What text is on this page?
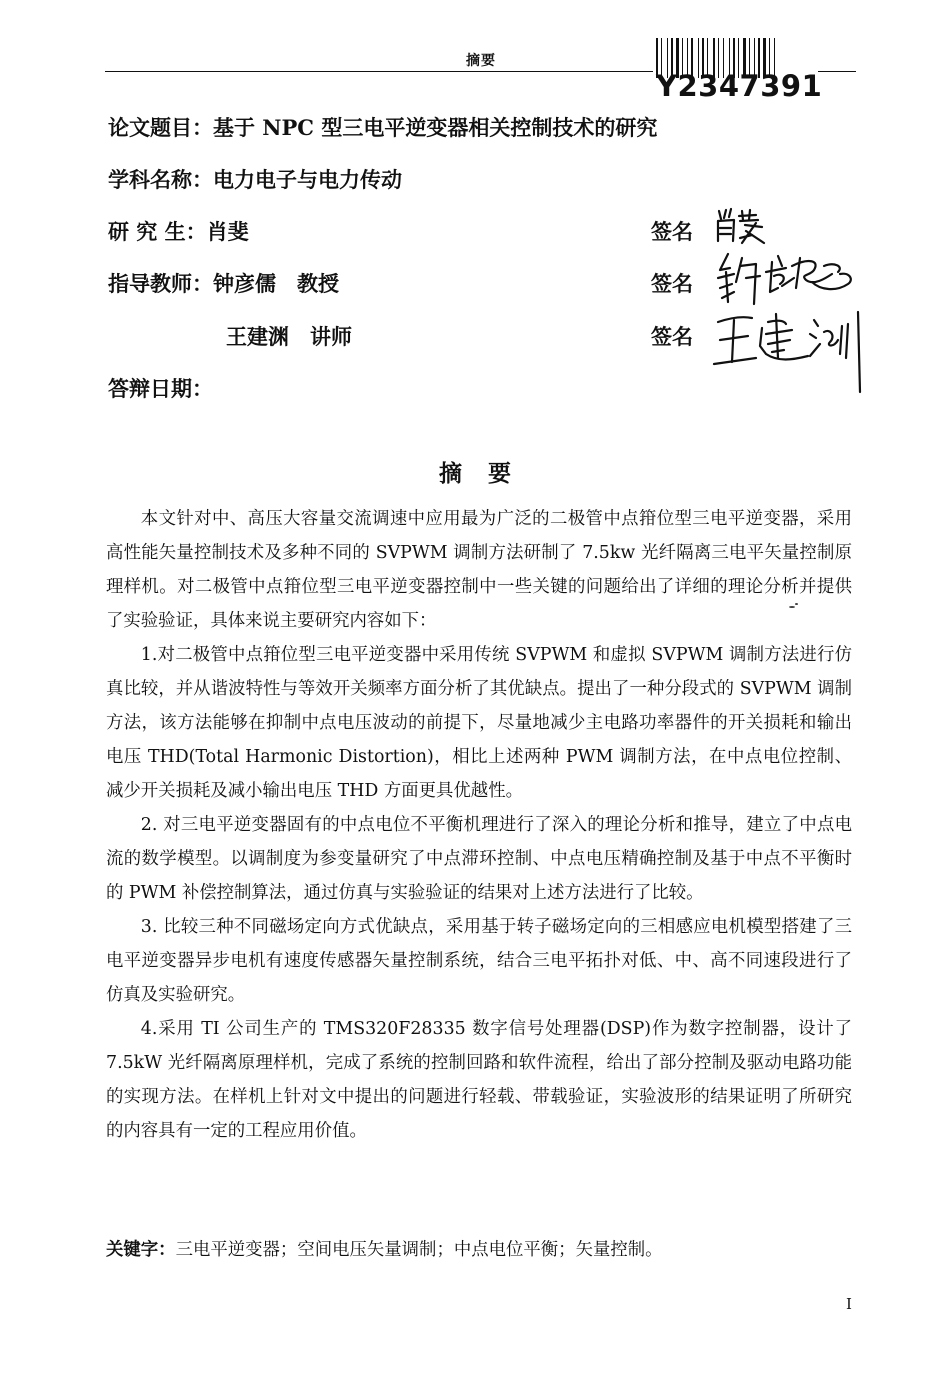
摘要
Y2347391
论文题目：基于 NPC 型三电平逆变器相关控制技术的研究
学科名称：电力电子与电力传动
研 究 生：肖斐
指导教师：钟彦儒　教授
王建渊　讲师
答辩日期：
签名
签名
签名
摘要

本文针对中、高压大容量交流调速中应用最为广泛的二极管中点箝位型三电平逆变器，采用高性能矢量控制技术及多种不同的 SVPWM 调制方法研制了 7.5kw 光纤隔离三电平矢量控制原理样机。对二极管中点箝位型三电平逆变器控制中一些关键的问题给出了详细的理论分析并提供了实验验证，具体来说主要研究内容如下：

1.对二极管中点箝位型三电平逆变器中采用传统 SVPWM 和虚拟 SVPWM 调制方法进行仿真比较，并从谐波特性与等效开关频率方面分析了其优缺点。提出了一种分段式的 SVPWM 调制方法，该方法能够在抑制中点电压波动的前提下，尽量地减少主电路功率器件的开关损耗和输出电压 THD(Total Harmonic Distortion)，相比上述两种 PWM 调制方法，在中点电位控制、减少开关损耗及减小输出电压 THD 方面更具优越性。

2. 对三电平逆变器固有的中点电位不平衡机理进行了深入的理论分析和推导，建立了中点电流的数学模型。以调制度为参变量研究了中点滞环控制、中点电压精确控制及基于中点不平衡时的 PWM 补偿控制算法，通过仿真与实验验证的结果对上述方法进行了比较。

3. 比较三种不同磁场定向方式优缺点，采用基于转子磁场定向的三相感应电机模型搭建了三电平逆变器异步电机有速度传感器矢量控制系统，结合三电平拓扑对低、中、高不同速段进行了仿真及实验研究。

4.采用 TI 公司生产的 TMS320F28335 数字信号处理器(DSP)作为数字控制器，设计了 7.5kW 光纤隔离原理样机，完成了系统的控制回路和软件流程，给出了部分控制及驱动电路功能的实现方法。在样机上针对文中提出的问题进行轻载、带载验证，实验波形的结果证明了所研究的内容具有一定的工程应用价值。

关键字：三电平逆变器；空间电压矢量调制；中点电位平衡；矢量控制。
I
